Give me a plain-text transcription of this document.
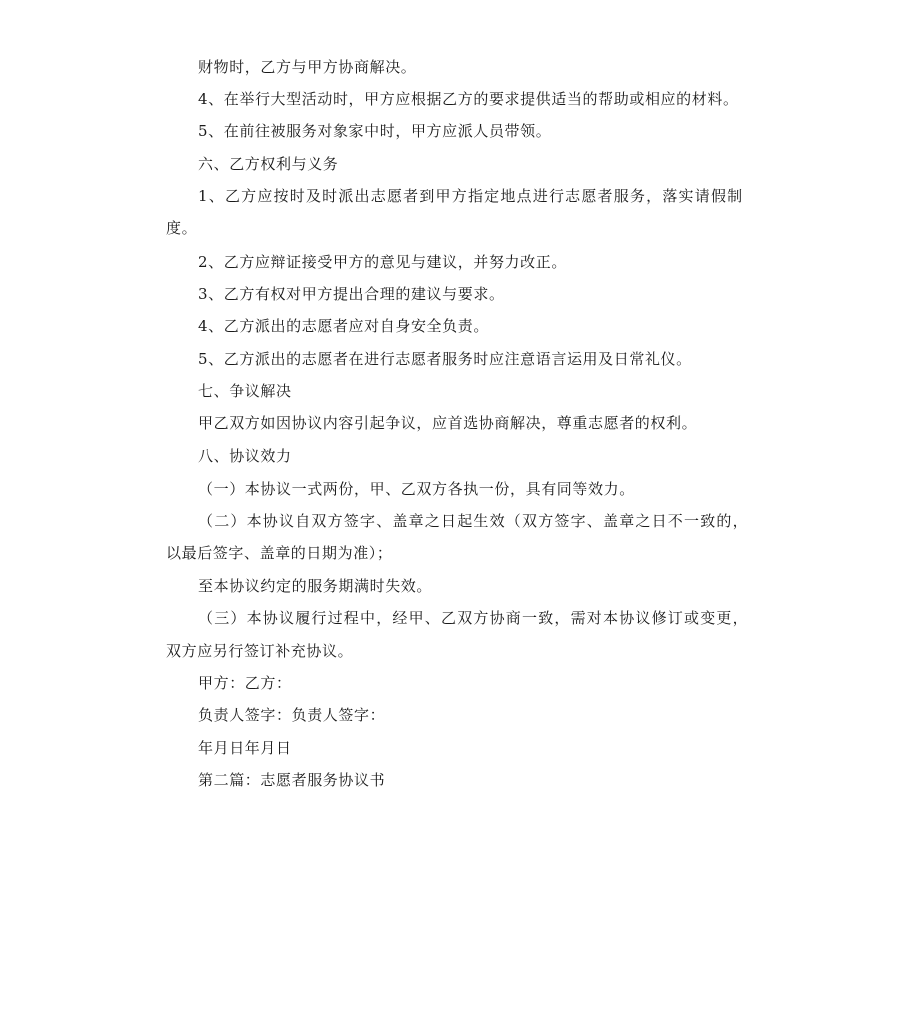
财物时，乙方与甲方协商解决。
4、在举行大型活动时，甲方应根据乙方的要求提供适当的帮助或相应的材料。
5、在前往被服务对象家中时，甲方应派人员带领。
六、乙方权利与义务
1、乙方应按时及时派出志愿者到甲方指定地点进行志愿者服务，落实请假制
度。
2、乙方应辩证接受甲方的意见与建议，并努力改正。
3、乙方有权对甲方提出合理的建议与要求。
4、乙方派出的志愿者应对自身安全负责。
5、乙方派出的志愿者在进行志愿者服务时应注意语言运用及日常礼仪。
七、争议解决
甲乙双方如因协议内容引起争议，应首选协商解决，尊重志愿者的权利。
八、协议效力
（一）本协议一式两份，甲、乙双方各执一份，具有同等效力。
（二）本协议自双方签字、盖章之日起生效（双方签字、盖章之日不一致的，
以最后签字、盖章的日期为准）；
至本协议约定的服务期满时失效。
（三）本协议履行过程中，经甲、乙双方协商一致，需对本协议修订或变更，
双方应另行签订补充协议。
甲方：乙方：
负责人签字：负责人签字：
年月日年月日
第二篇：志愿者服务协议书
